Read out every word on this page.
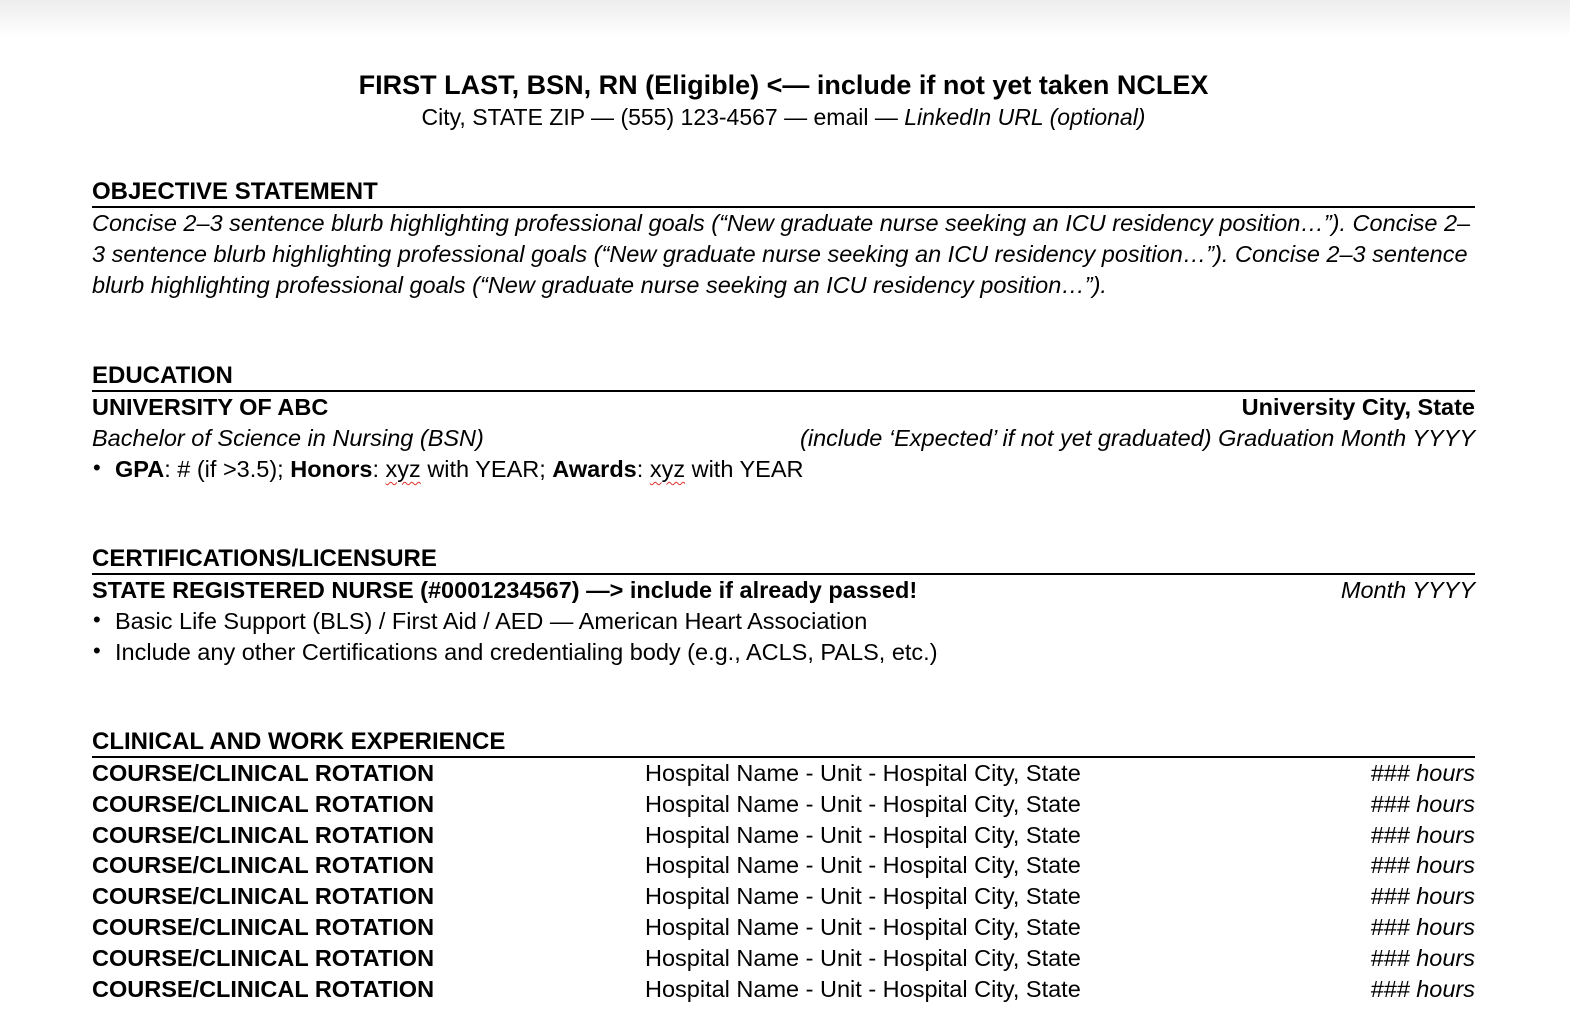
FIRST LAST, BSN, RN (Eligible) <— include if not yet taken NCLEX
City, STATE ZIP — (555) 123-4567 — email — LinkedIn URL (optional)
OBJECTIVE STATEMENT
Concise 2–3 sentence blurb highlighting professional goals (“New graduate nurse seeking an ICU residency position…”). Concise 2–3 sentence blurb highlighting professional goals (“New graduate nurse seeking an ICU residency position…”). Concise 2–3 sentence blurb highlighting professional goals (“New graduate nurse seeking an ICU residency position…”).
EDUCATION
UNIVERSITY OF ABC	University City, State
Bachelor of Science in Nursing (BSN)	(include ‘Expected’ if not yet graduated) Graduation Month YYYY
• GPA: # (if >3.5); Honors: xyz with YEAR; Awards: xyz with YEAR
CERTIFICATIONS/LICENSURE
STATE REGISTERED NURSE (#0001234567) —> include if already passed!	Month YYYY
• Basic Life Support (BLS) / First Aid / AED — American Heart Association
• Include any other Certifications and credentialing body (e.g., ACLS, PALS, etc.)
CLINICAL AND WORK EXPERIENCE
COURSE/CLINICAL ROTATION	Hospital Name - Unit - Hospital City, State	### hours
COURSE/CLINICAL ROTATION	Hospital Name - Unit - Hospital City, State	### hours
COURSE/CLINICAL ROTATION	Hospital Name - Unit - Hospital City, State	### hours
COURSE/CLINICAL ROTATION	Hospital Name - Unit - Hospital City, State	### hours
COURSE/CLINICAL ROTATION	Hospital Name - Unit - Hospital City, State	### hours
COURSE/CLINICAL ROTATION	Hospital Name - Unit - Hospital City, State	### hours
COURSE/CLINICAL ROTATION	Hospital Name - Unit - Hospital City, State	### hours
COURSE/CLINICAL ROTATION	Hospital Name - Unit - Hospital City, State	### hours
